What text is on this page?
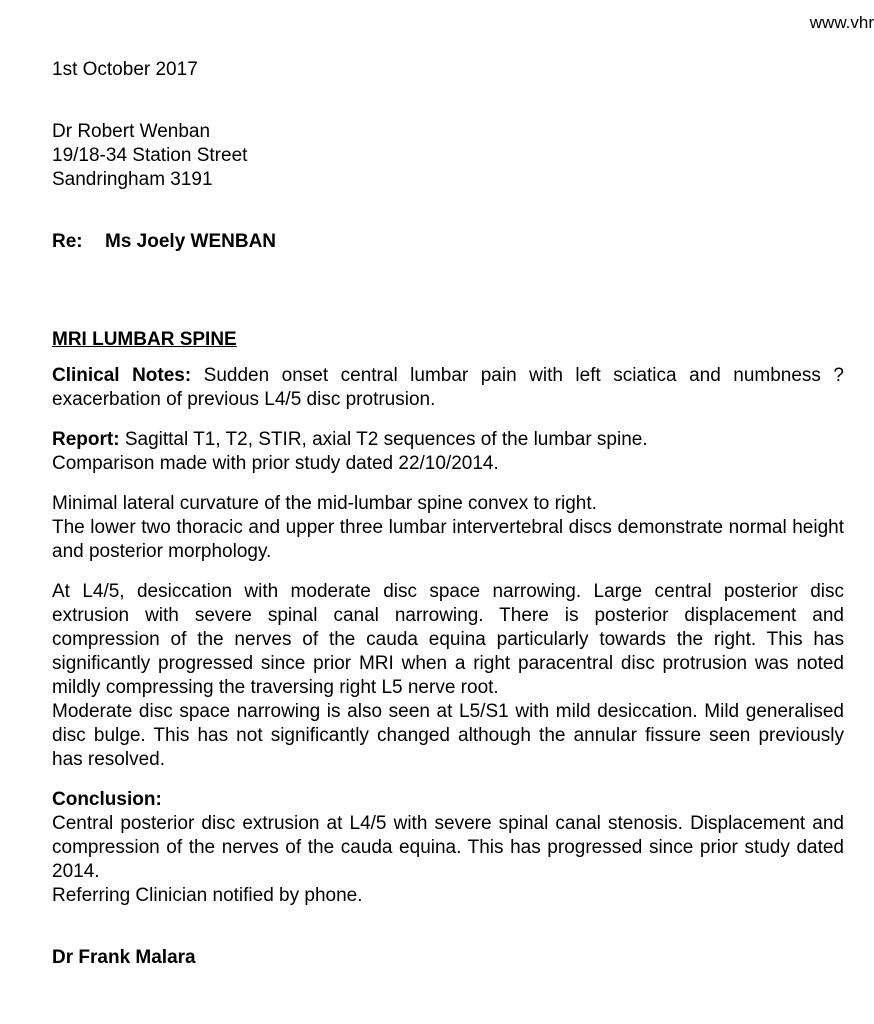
www.vhr
1st October 2017
Dr Robert Wenban
19/18-34 Station Street
Sandringham 3191
Re: Ms Joely WENBAN
MRI LUMBAR SPINE
Clinical Notes: Sudden onset central lumbar pain with left sciatica and numbness ? exacerbation of previous L4/5 disc protrusion.
Report: Sagittal T1, T2, STIR, axial T2 sequences of the lumbar spine.
Comparison made with prior study dated 22/10/2014.
Minimal lateral curvature of the mid-lumbar spine convex to right.
The lower two thoracic and upper three lumbar intervertebral discs demonstrate normal height and posterior morphology.
At L4/5, desiccation with moderate disc space narrowing. Large central posterior disc extrusion with severe spinal canal narrowing. There is posterior displacement and compression of the nerves of the cauda equina particularly towards the right. This has significantly progressed since prior MRI when a right paracentral disc protrusion was noted mildly compressing the traversing right L5 nerve root.
Moderate disc space narrowing is also seen at L5/S1 with mild desiccation. Mild generalised disc bulge. This has not significantly changed although the annular fissure seen previously has resolved.
Conclusion:
Central posterior disc extrusion at L4/5 with severe spinal canal stenosis. Displacement and compression of the nerves of the cauda equina. This has progressed since prior study dated 2014.
Referring Clinician notified by phone.
Dr Frank Malara
